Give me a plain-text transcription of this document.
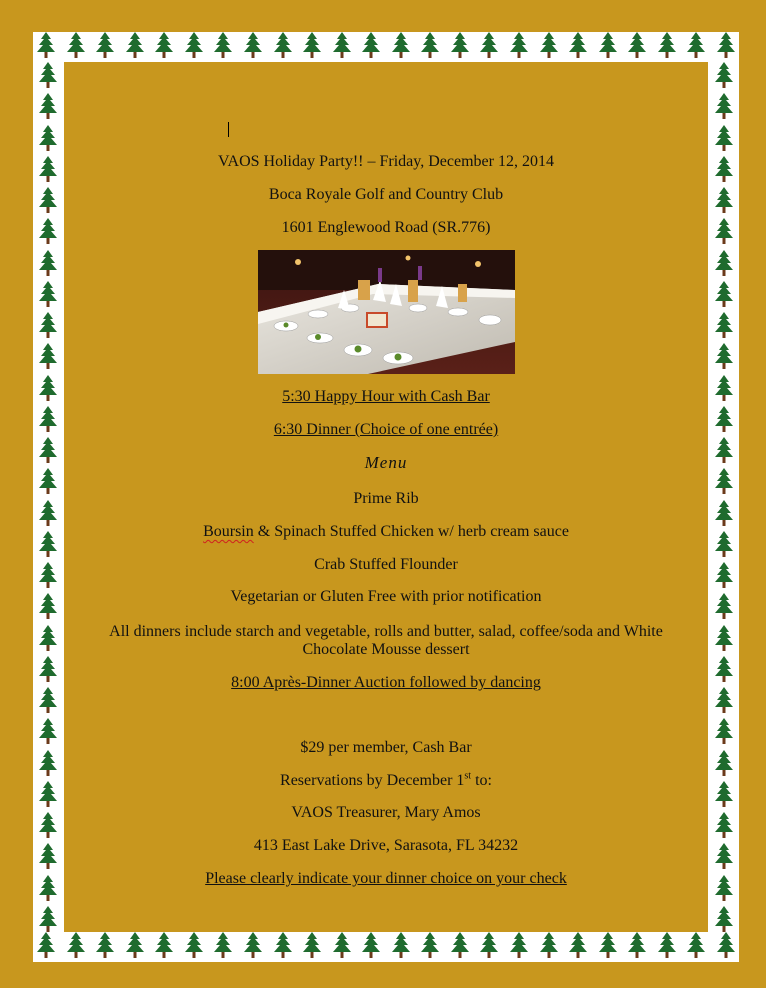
VAOS Holiday Party!! – Friday, December 12, 2014
Boca Royale Golf and Country Club
1601 Englewood Road (SR.776)
5:30 Happy Hour with Cash Bar
6:30 Dinner (Choice of one entrée)
Menu
Prime Rib
Boursin & Spinach Stuffed Chicken w/ herb cream sauce
Crab Stuffed Flounder
Vegetarian or Gluten Free with prior notification
All dinners include starch and vegetable, rolls and butter, salad, coffee/soda and White Chocolate Mousse dessert
8:00 Après-Dinner Auction followed by dancing
$29 per member, Cash Bar
Reservations by December 1st to:
VAOS Treasurer, Mary Amos
413 East Lake Drive, Sarasota, FL 34232
Please clearly indicate your dinner choice on your check
